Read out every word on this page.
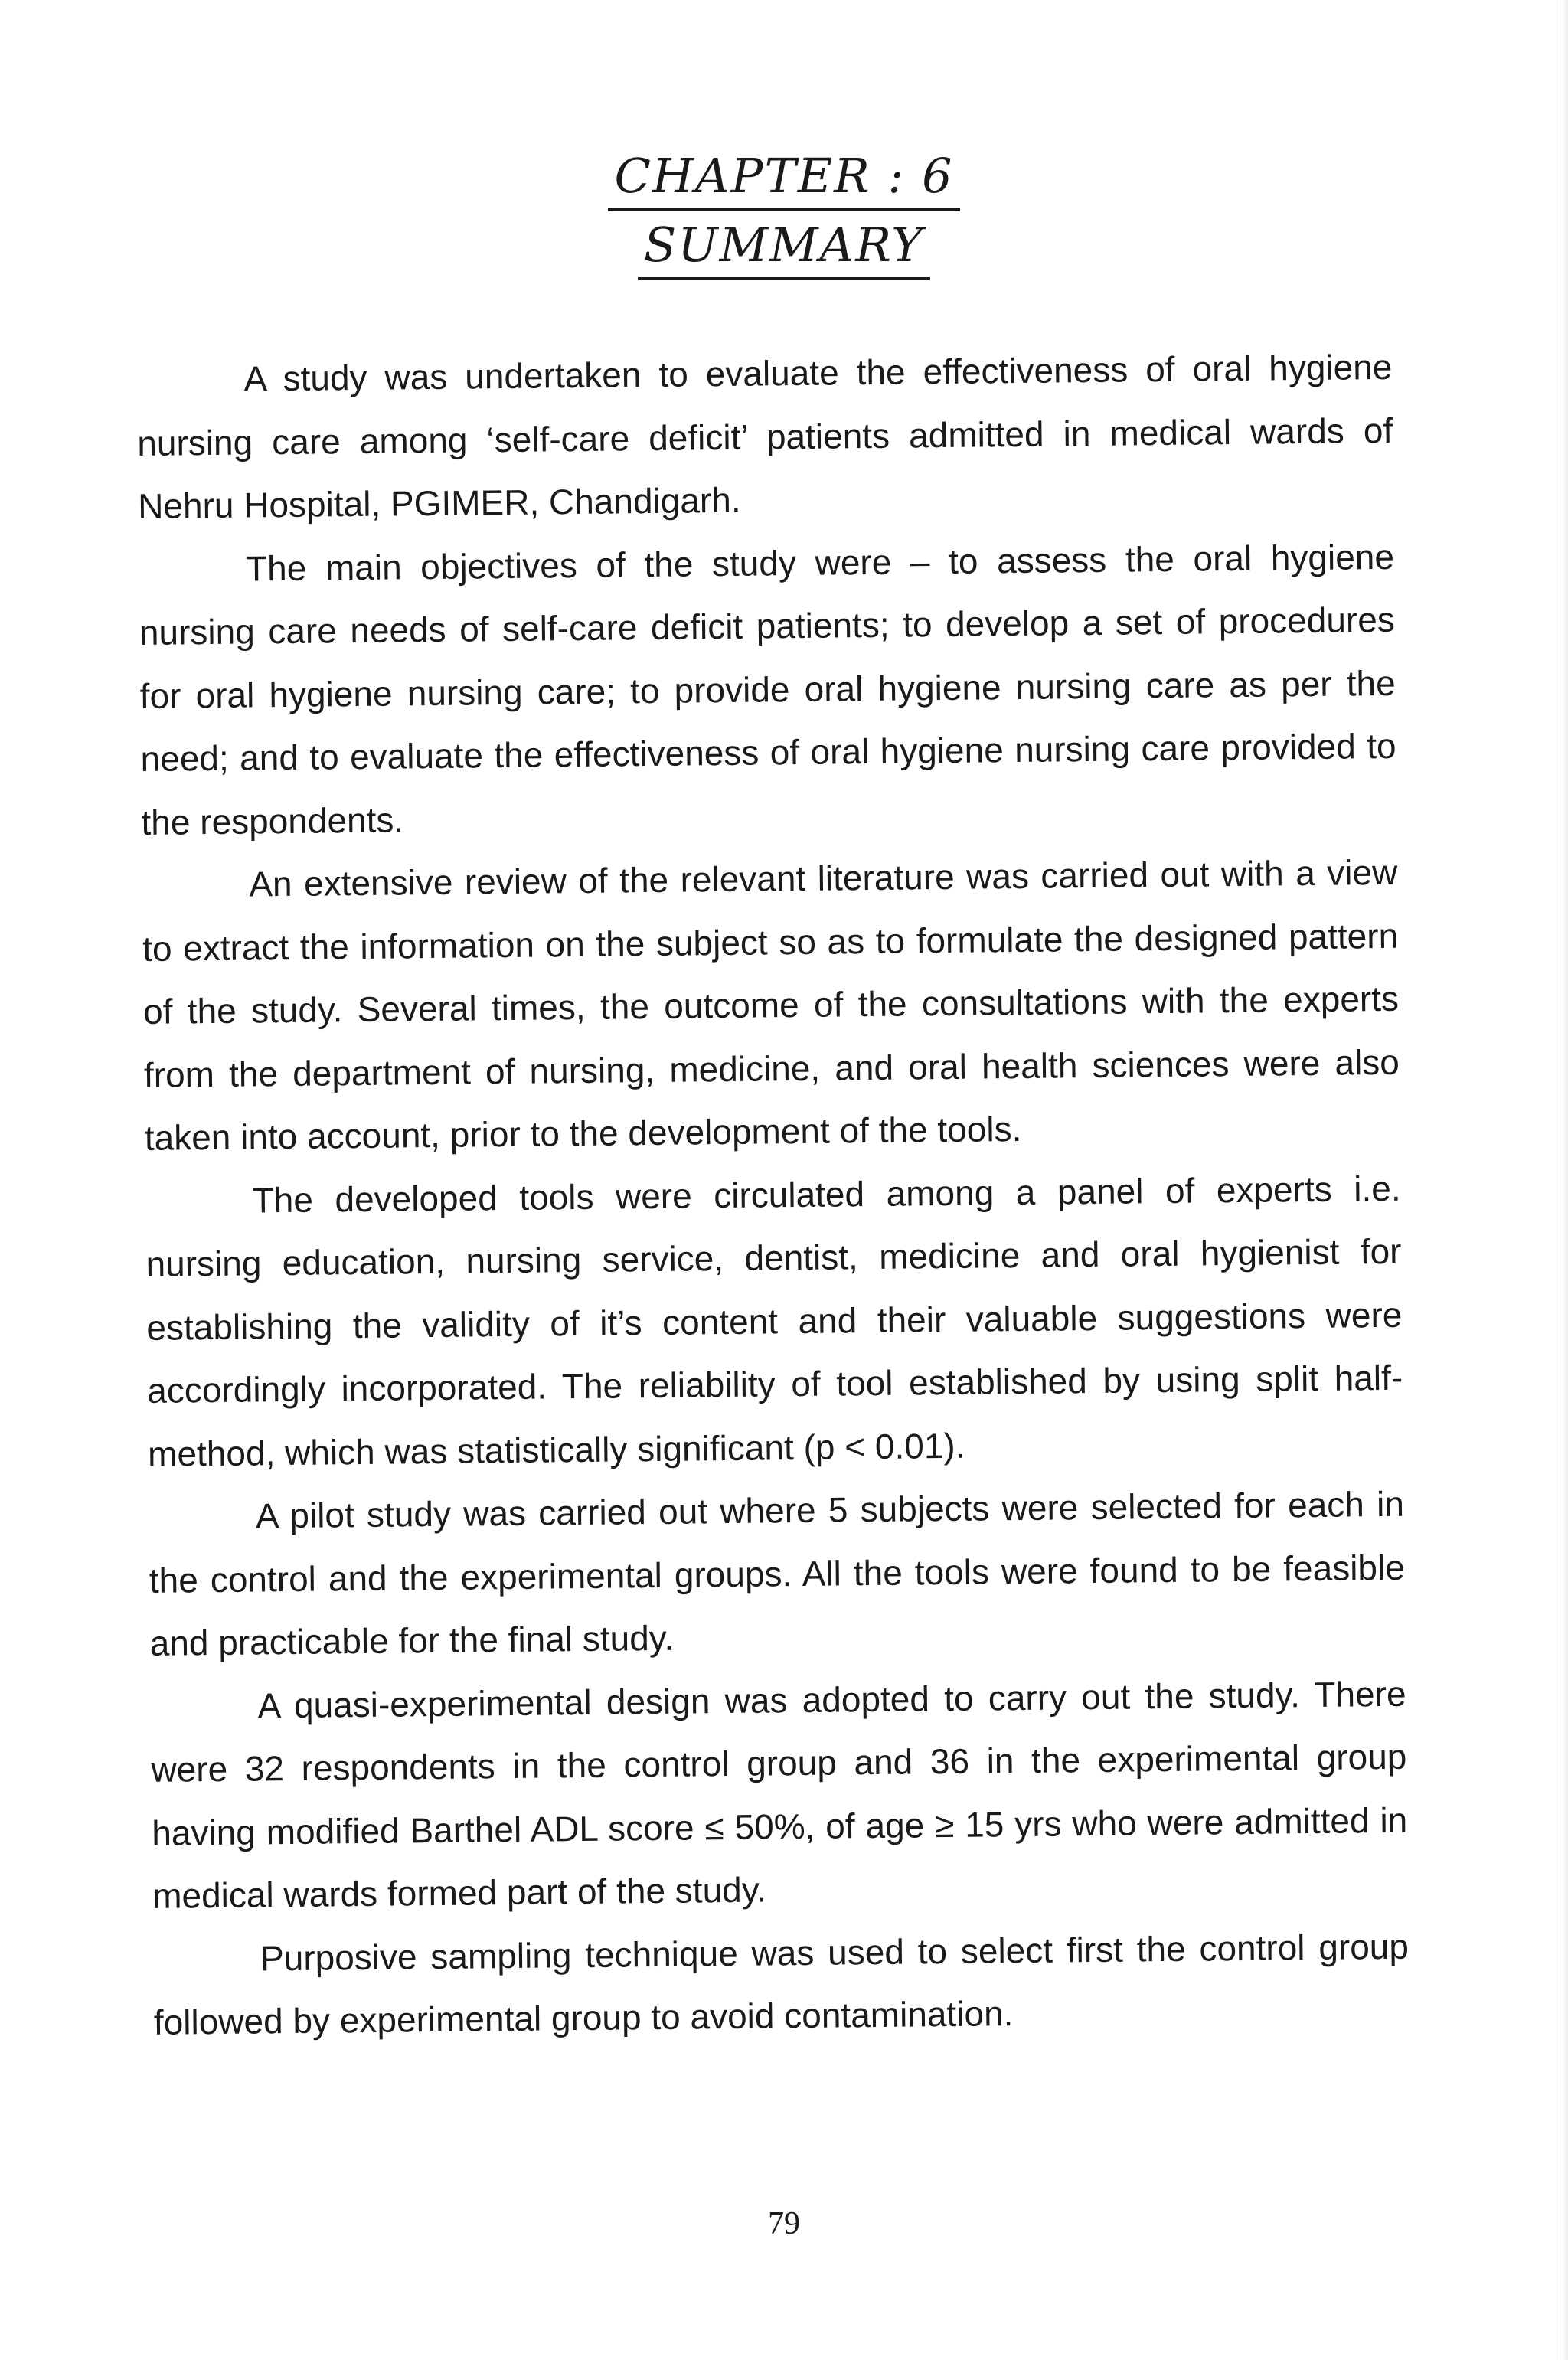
CHAPTER : 6
SUMMARY

A study was undertaken to evaluate the effectiveness of oral hygiene nursing care among ‘self-care deficit’ patients admitted in medical wards of Nehru Hospital, PGIMER, Chandigarh.

The main objectives of the study were – to assess the oral hygiene nursing care needs of self-care deficit patients; to develop a set of procedures for oral hygiene nursing care; to provide oral hygiene nursing care as per the need; and to evaluate the effectiveness of oral hygiene nursing care provided to the respondents.

An extensive review of the relevant literature was carried out with a view to extract the information on the subject so as to formulate the designed pattern of the study. Several times, the outcome of the consultations with the experts from the department of nursing, medicine, and oral health sciences were also taken into account, prior to the development of the tools.

The developed tools were circulated among a panel of experts i.e. nursing education, nursing service, dentist, medicine and oral hygienist for establishing the validity of it’s content and their valuable suggestions were accordingly incorporated. The reliability of tool established by using split half-method, which was statistically significant (p < 0.01).

A pilot study was carried out where 5 subjects were selected for each in the control and the experimental groups. All the tools were found to be feasible and practicable for the final study.

A quasi-experimental design was adopted to carry out the study. There were 32 respondents in the control group and 36 in the experimental group having modified Barthel ADL score ≤ 50%, of age ≥ 15 yrs who were admitted in medical wards formed part of the study.

Purposive sampling technique was used to select first the control group followed by experimental group to avoid contamination.

79
